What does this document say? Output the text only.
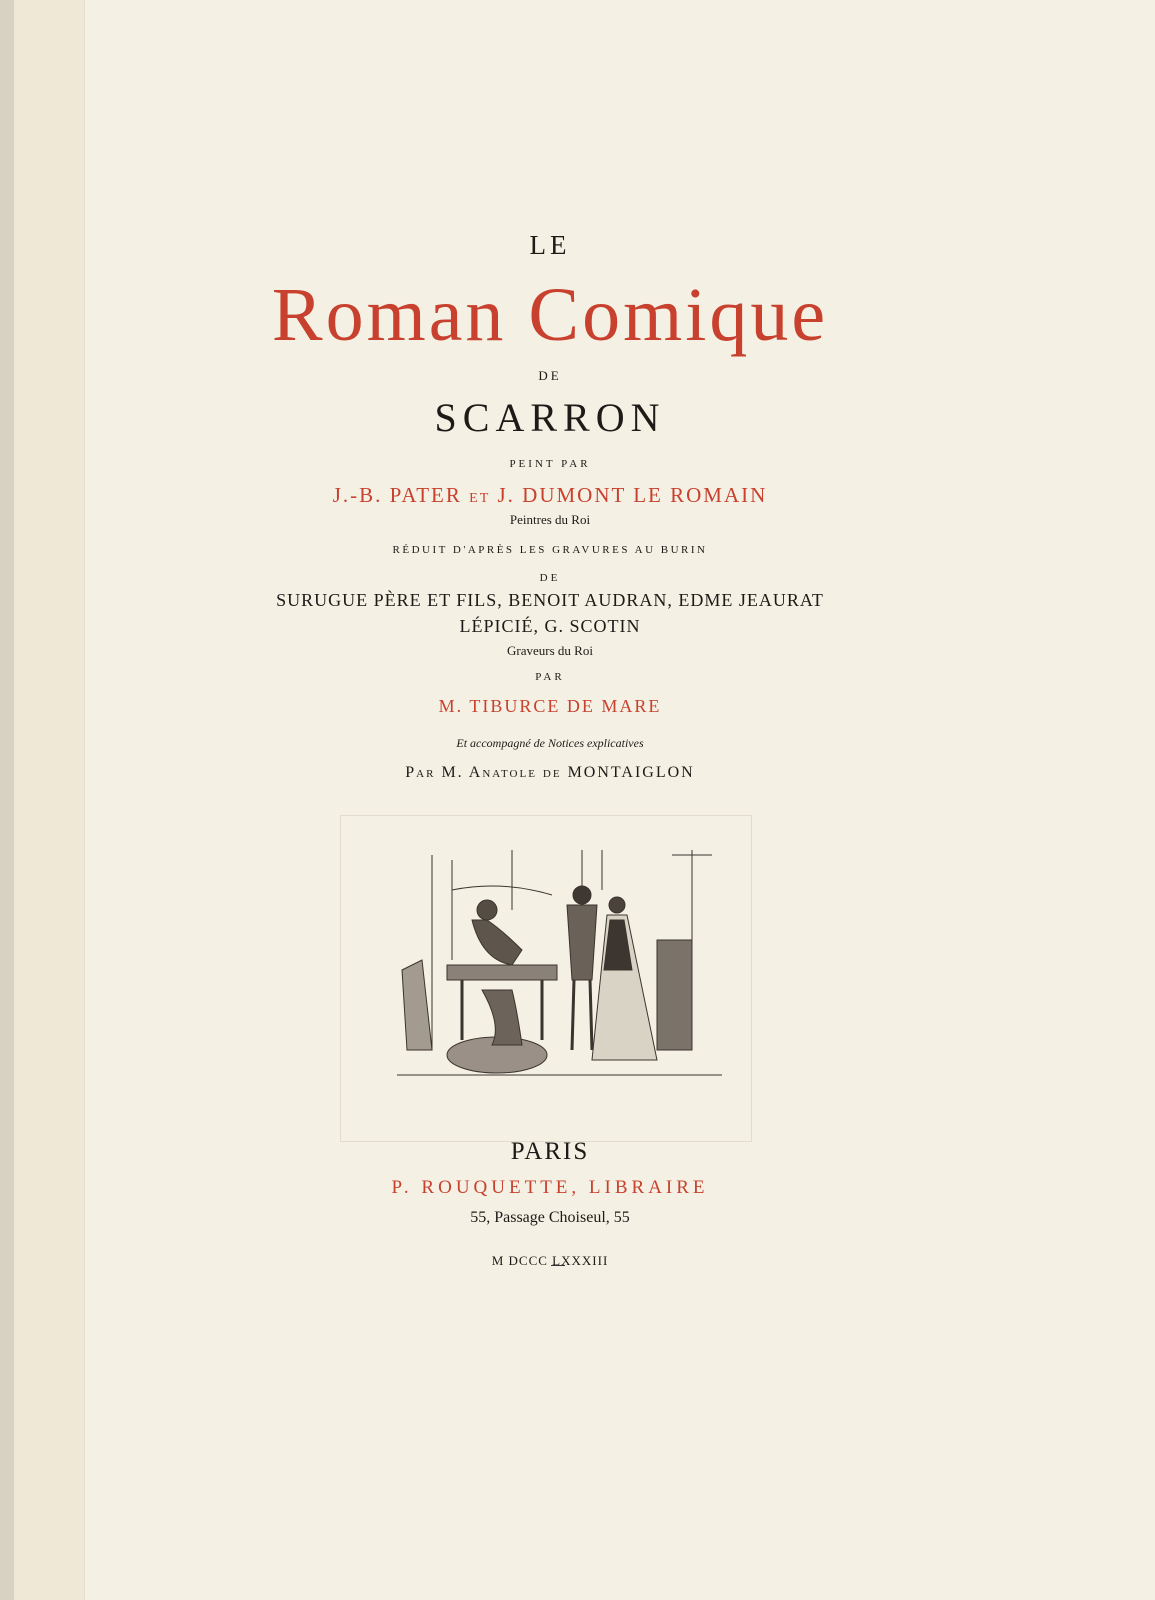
LE
Roman Comique
DE
SCARRON
PEINT PAR
J.-B. PATER ET J. DUMONT LE ROMAIN
Peintres du Roi
RÉDUIT D'APRÈS LES GRAVURES AU BURIN
DE
SURUGUE PÈRE ET FILS, BENOIT AUDRAN, EDME JEAURAT
LÉPICIÉ, G. SCOTIN
Graveurs du Roi
PAR
M. TIBURCE DE MARE
Et accompagné de Notices explicatives
Par M. Anatole de MONTAIGLON
PARIS
P. ROUQUETTE, LIBRAIRE
55, Passage Choiseul, 55
M DCCC LXXXIII
